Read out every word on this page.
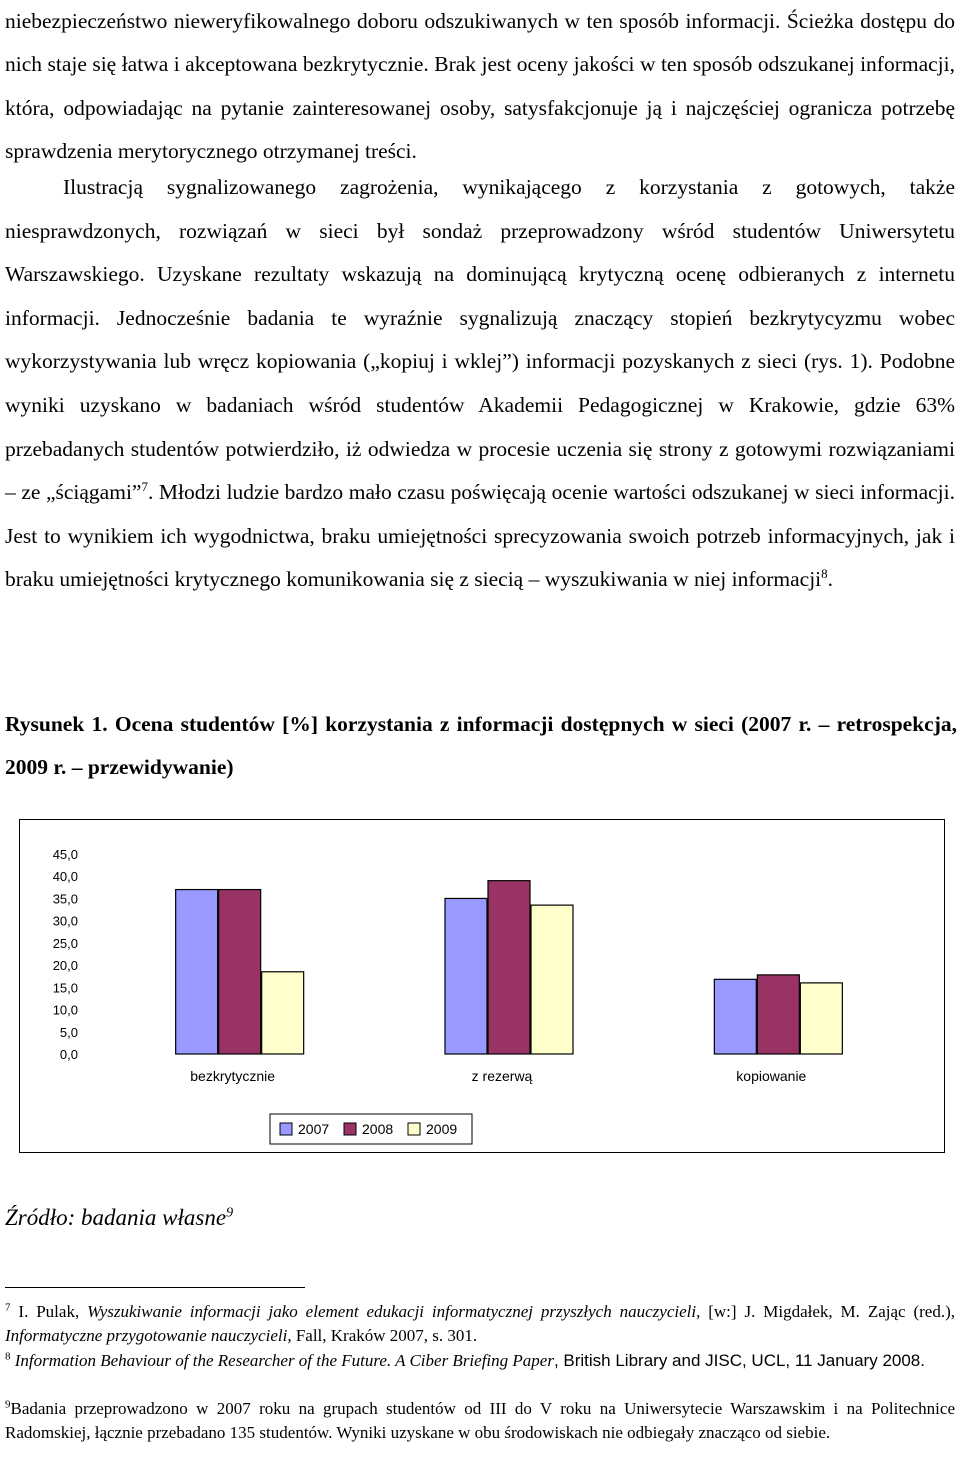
niebezpieczeństwo nieweryfikowalnego doboru odszukiwanych w ten sposób informacji. Ścieżka dostępu do nich staje się łatwa i akceptowana bezkrytycznie. Brak jest oceny jakości w ten sposób odszukanej informacji, która, odpowiadając na pytanie zainteresowanej osoby, satysfakcjonuje ją i najczęściej ogranicza potrzebę sprawdzenia merytorycznego otrzymanej treści.

Ilustracją sygnalizowanego zagrożenia, wynikającego z korzystania z gotowych, także niesprawdzonych, rozwiązań w sieci był sondaż przeprowadzony wśród studentów Uniwersytetu Warszawskiego. Uzyskane rezultaty wskazują na dominującą krytyczną ocenę odbieranych z internetu informacji. Jednocześnie badania te wyraźnie sygnalizują znaczący stopień bezkrytycyzmu wobec wykorzystywania lub wręcz kopiowania („kopiuj i wklej”) informacji pozyskanych z sieci (rys. 1). Podobne wyniki uzyskano w badaniach wśród studentów Akademii Pedagogicznej w Krakowie, gdzie 63% przebadanych studentów potwierdziło, iż odwiedza w procesie uczenia się strony z gotowymi rozwiązaniami – ze „ściągami”$^7$. Młodzi ludzie bardzo mało czasu poświęcają ocenie wartości odszukanej w sieci informacji. Jest to wynikiem ich wygodnictwa, braku umiejętności sprecyzowania swoich potrzeb informacyjnych, jak i braku umiejętności krytycznego komunikowania się z siecią – wyszukiwania w niej informacji$^8$.

Rysunek 1. Ocena studentów [%] korzystania z informacji dostępnych w sieci (2007 r. – retrospekcja, 2009 r. – przewidywanie)

0,0
5,0
10,0
15,0
20,0
25,0
30,0
35,0
40,0
45,0
bezkrytycznie	z rezerwą	kopiowanie
2007 2008 2009
Źródło: badania własne$^9$

$^7$ I. Pulak, Wyszukiwanie informacji jako element edukacji informatycznej przyszłych nauczycieli, [w:] J. Migdałek, M. Zając (red.), Informatyczne przygotowanie nauczycieli, Fall, Kraków 2007, s. 301.

$^8$ Information Behaviour of the Researcher of the Future. A Ciber Briefing Paper, British Library and JISC, UCL, 11 January 2008.

$^9$Badania przeprowadzono w 2007 roku na grupach studentów od III do V roku na Uniwersytecie Warszawskim i na Politechnice Radomskiej, łącznie przebadano 135 studentów. Wyniki uzyskane w obu środowiskach nie odbiegały znacząco od siebie.
